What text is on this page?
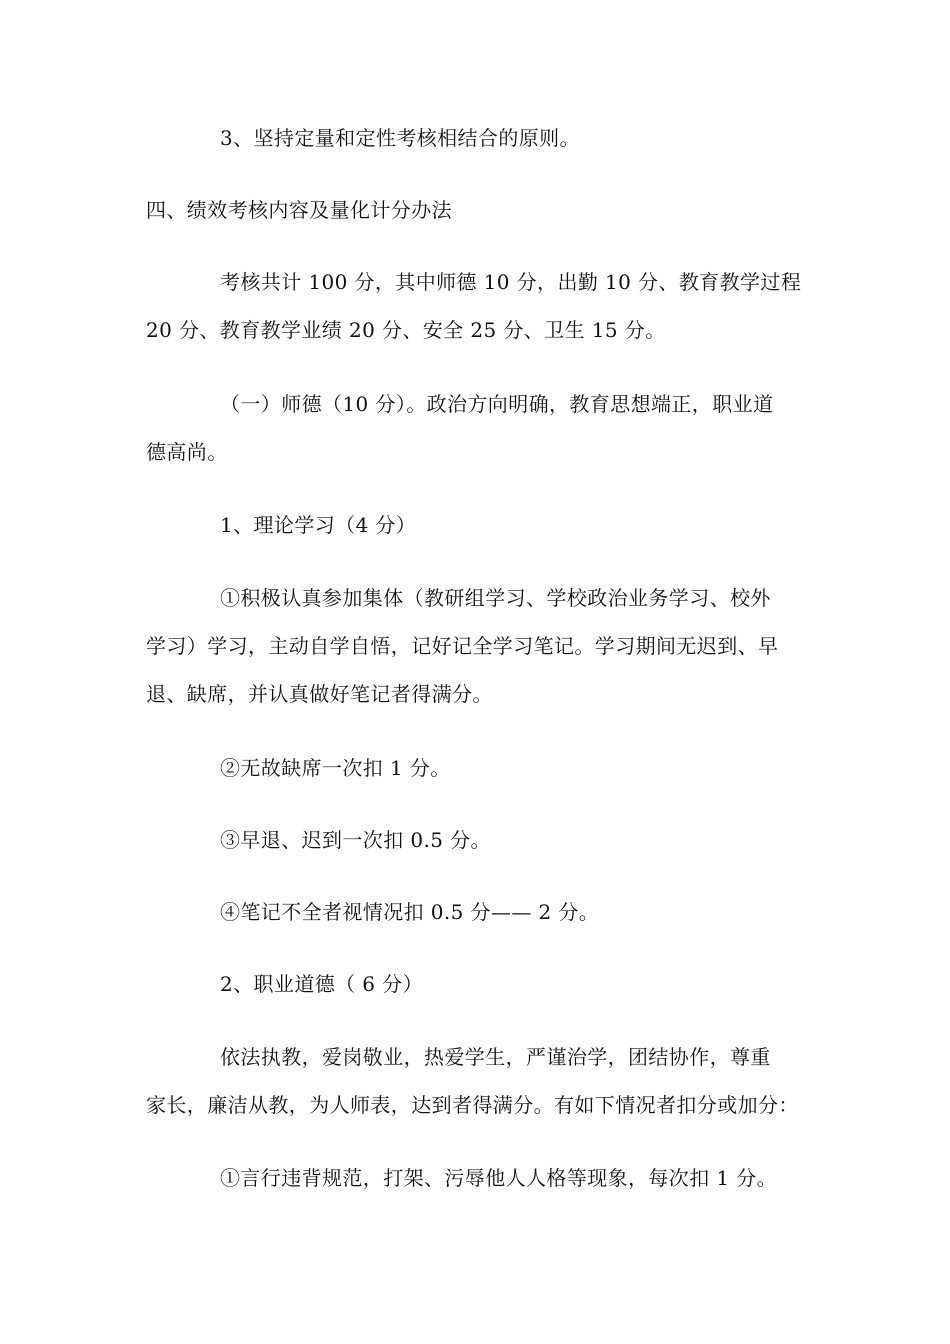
3、坚持定量和定性考核相结合的原则。
四、绩效考核内容及量化计分办法
考核共计 100 分，其中师德 10 分，出勤 10 分、教育教学过程
20 分、教育教学业绩 20 分、安全 25 分、卫生 15 分。
（一）师德（10 分）。政治方向明确，教育思想端正，职业道
德高尚。
1、理论学习（4 分）
①积极认真参加集体（教研组学习、学校政治业务学习、校外
学习）学习，主动自学自悟，记好记全学习笔记。学习期间无迟到、早
退、缺席，并认真做好笔记者得满分。
②无故缺席一次扣 1 分。
③早退、迟到一次扣 0.5 分。
④笔记不全者视情况扣 0.5 分—— 2 分。
2、职业道德（ 6 分）
依法执教，爱岗敬业，热爱学生，严谨治学，团结协作，尊重
家长，廉洁从教，为人师表，达到者得满分。有如下情况者扣分或加分：
①言行违背规范，打架、污辱他人人格等现象，每次扣 1 分。
